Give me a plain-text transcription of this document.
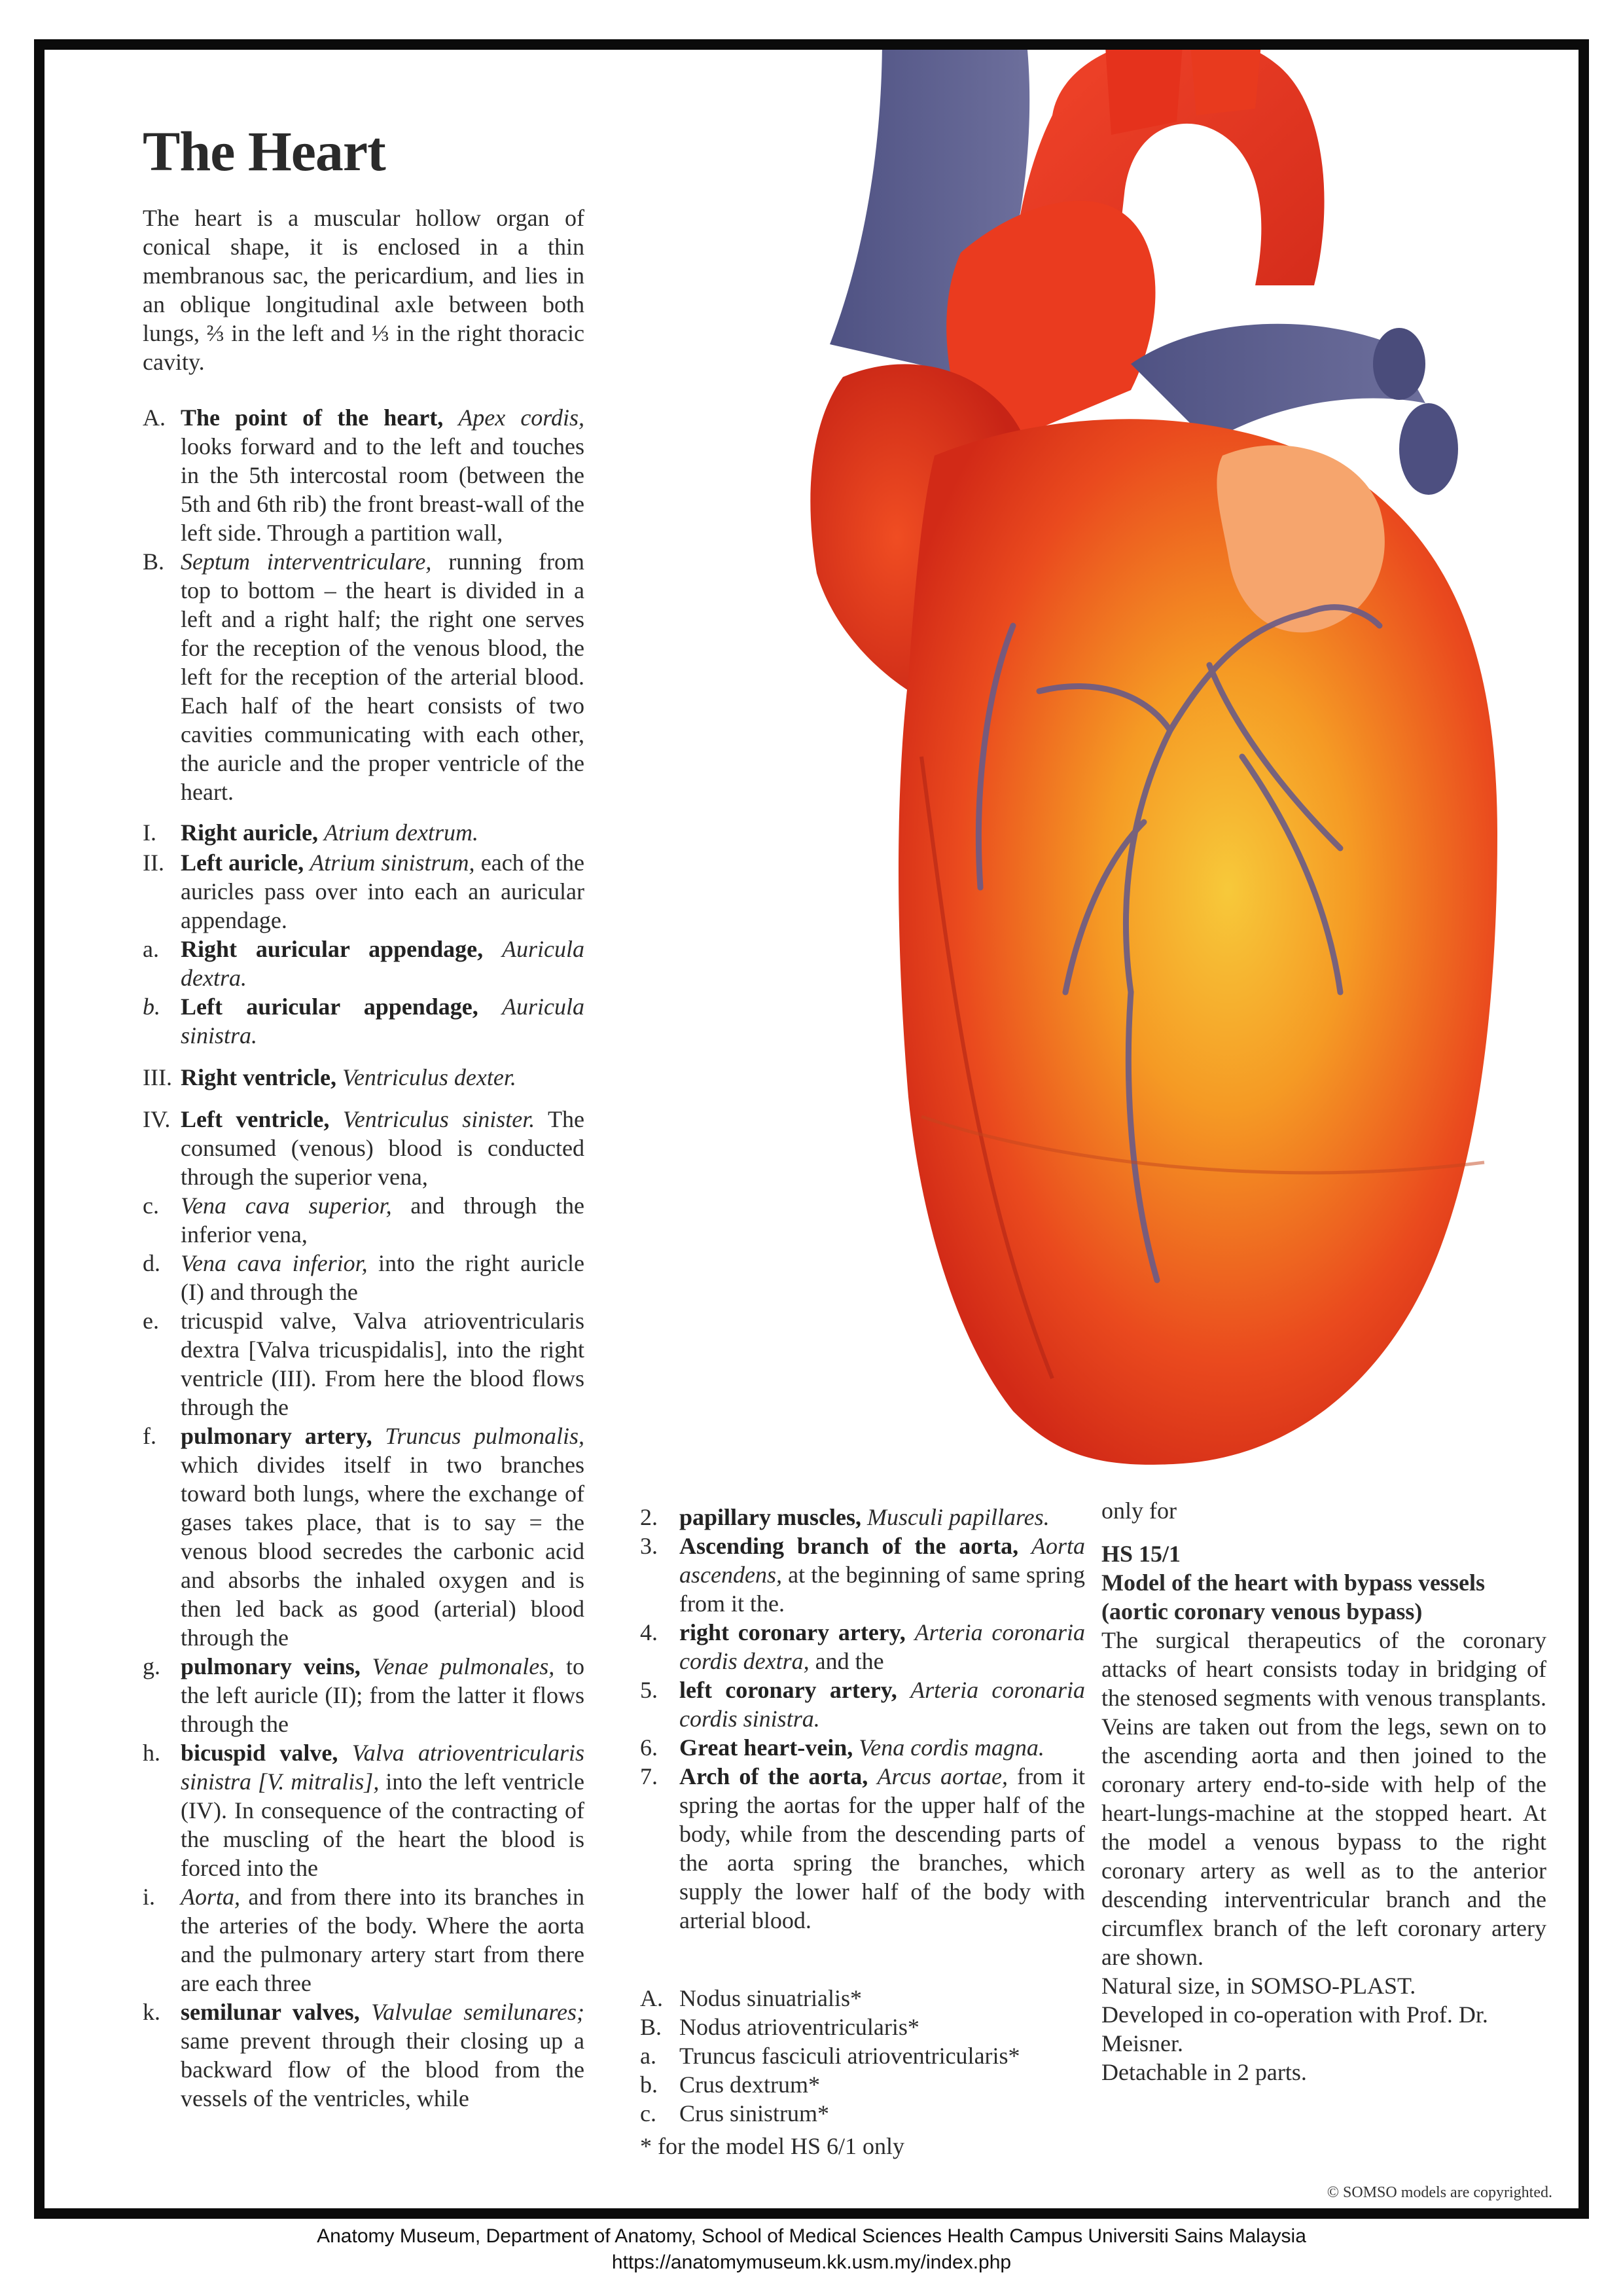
The Heart

The heart is a muscular hollow organ of conical shape, it is enclosed in a thin membranous sac, the pericardium, and lies in an oblique longitudinal axle between both lungs, ⅔ in the left and ⅓ in the right thoracic cavity.

A. The point of the heart, Apex cordis, looks forward and to the left and touches in the 5th intercostal room (between the 5th and 6th rib) the front breast-wall of the left side. Through a partition wall,
B. Septum interventriculare, running from top to bottom – the heart is divided in a left and a right half; the right one serves for the reception of the venous blood, the left for the reception of the arterial blood. Each half of the heart consists of two cavities communicating with each other, the auricle and the proper ventricle of the heart.
I. Right auricle, Atrium dextrum.
II. Left auricle, Atrium sinistrum, each of the auricles pass over into each an auricular appendage.
a. Right auricular appendage, Auricula dextra.
b. Left auricular appendage, Auricula sinistra.
III. Right ventricle, Ventriculus dexter.
IV. Left ventricle, Ventriculus sinister. The consumed (venous) blood is conducted through the superior vena,
c. Vena cava superior, and through the inferior vena,
d. Vena cava inferior, into the right auricle (I) and through the
e. tricuspid valve, Valva atrioventricularis dextra [Valva tricuspidalis], into the right ventricle (III). From here the blood flows through the
f. pulmonary artery, Truncus pulmonalis, which divides itself in two branches toward both lungs, where the exchange of gases takes place, that is to say = the venous blood secredes the carbonic acid and absorbs the inhaled oxygen and is then led back as good (arterial) blood through the
g. pulmonary veins, Venae pulmonales, to the left auricle (II); from the latter it flows through the
h. bicuspid valve, Valva atrioventricularis sinistra [V. mitralis], into the left ventricle (IV). In consequence of the contracting of the muscling of the heart the blood is forced into the
i. Aorta, and from there into its branches in the arteries of the body. Where the aorta and the pulmonary artery start from there are each three
k. semilunar valves, Valvulae semilunares; same prevent through their closing up a backward flow of the blood from the vessels of the ventricles, while
2. papillary muscles, Musculi papillares.
3. Ascending branch of the aorta, Aorta ascendens, at the beginning of same spring from it the.
4. right coronary artery, Arteria coronaria cordis dextra, and the
5. left coronary artery, Arteria coronaria cordis sinistra.
6. Great heart-vein, Vena cordis magna.
7. Arch of the aorta, Arcus aortae, from it spring the aortas for the upper half of the body, while from the descending parts of the aorta spring the branches, which supply the lower half of the body with arterial blood.
A. Nodus sinuatrialis*
B. Nodus atrioventricularis*
a. Truncus fasciculi atrioventricularis*
b. Crus dextrum*
c. Crus sinistrum*
* for the model HS 6/1 only
only for
HS 15/1
Model of the heart with bypass vessels (aortic coronary venous bypass)
The surgical therapeutics of the coronary attacks of heart consists today in bridging of the stenosed segments with venous transplants. Veins are taken out from the legs, sewn on to the ascending aorta and then joined to the coronary artery end-to-side with help of the heart-lungs-machine at the stopped heart. At the model a venous bypass to the right coronary artery as well as to the anterior descending interventricular branch and the circumflex branch of the left coronary artery are shown.
Natural size, in SOMSO-PLAST.
Developed in co-operation with Prof. Dr. Meisner.
Detachable in 2 parts.
© SOMSO models are copyrighted.
Anatomy Museum, Department of Anatomy, School of Medical Sciences Health Campus Universiti Sains Malaysia
https://anatomymuseum.kk.usm.my/index.php
